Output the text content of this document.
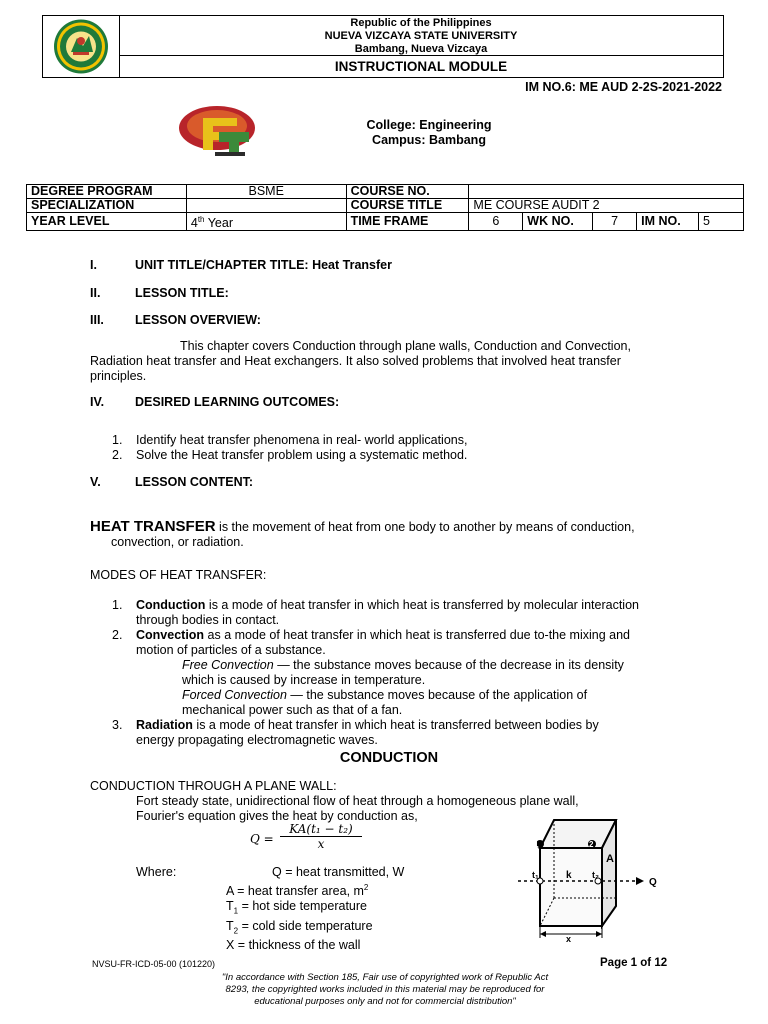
Republic of the Philippines
NUEVA VIZCAYA STATE UNIVERSITY
Bambang, Nueva Vizcaya
INSTRUCTIONAL MODULE
IM NO.6: ME AUD 2-2S-2021-2022
College: Engineering
Campus: Bambang
DEGREE PROGRAM	BSME	COURSE NO.					
SPECIALIZATION		COURSE TITLE	ME COURSE AUDIT 2				
YEAR LEVEL	4th Year	TIME FRAME	6	WK NO.	7	IM NO.	5
I.	UNIT TITLE/CHAPTER TITLE: Heat Transfer
II.	LESSON TITLE:
III. LESSON OVERVIEW:
This chapter covers Conduction through plane walls, Conduction and Convection,
Radiation heat transfer and Heat exchangers. It also solved problems that involved heat transfer
principles.
IV. DESIRED LEARNING OUTCOMES:
1. Identify heat transfer phenomena in real- world applications,
2. Solve the Heat transfer problem using a systematic method.
V.	LESSON CONTENT:
HEAT TRANSFER is the movement of heat from one body to another by means of conduction,
convection, or radiation.
MODES OF HEAT TRANSFER:
1. Conduction is a mode of heat transfer in which heat is transferred by molecular interaction
through bodies in contact.
2. Convection as a mode of heat transfer in which heat is transferred due to-the mixing and
motion of particles of a substance.
Free Convection — the substance moves because of the decrease in its density
which is caused by increase in temperature.
Forced Convection — the substance moves because of the application of
mechanical power such as that of a fan.
3. Radiation is a mode of heat transfer in which heat is transferred between bodies by
energy propagating electromagnetic waves.
CONDUCTION
CONDUCTION THROUGH A PLANE WALL:
Fort steady state, unidirectional flow of heat through a homogeneous plane wall,
Fourier's equation gives the heat by conduction as,
$Q = \frac{\text{KA(t₁ − t₂)}}{x}$
Where:	Q = heat transmitted, W
A = heat transfer area, $m^2$
$T_1$ = hot side temperature
$T_2$ = cold side temperature
X = thickness of the wall
1	2
A
k
t₁	t₂
Q
x
NVSU-FR-ICD-05-00 (101220)	Page 1 of 12
"In accordance with Section 185, Fair use of copyrighted work of Republic Act
8293, the copyrighted works included in this material may be reproduced for
educational purposes only and not for commercial distribution"
